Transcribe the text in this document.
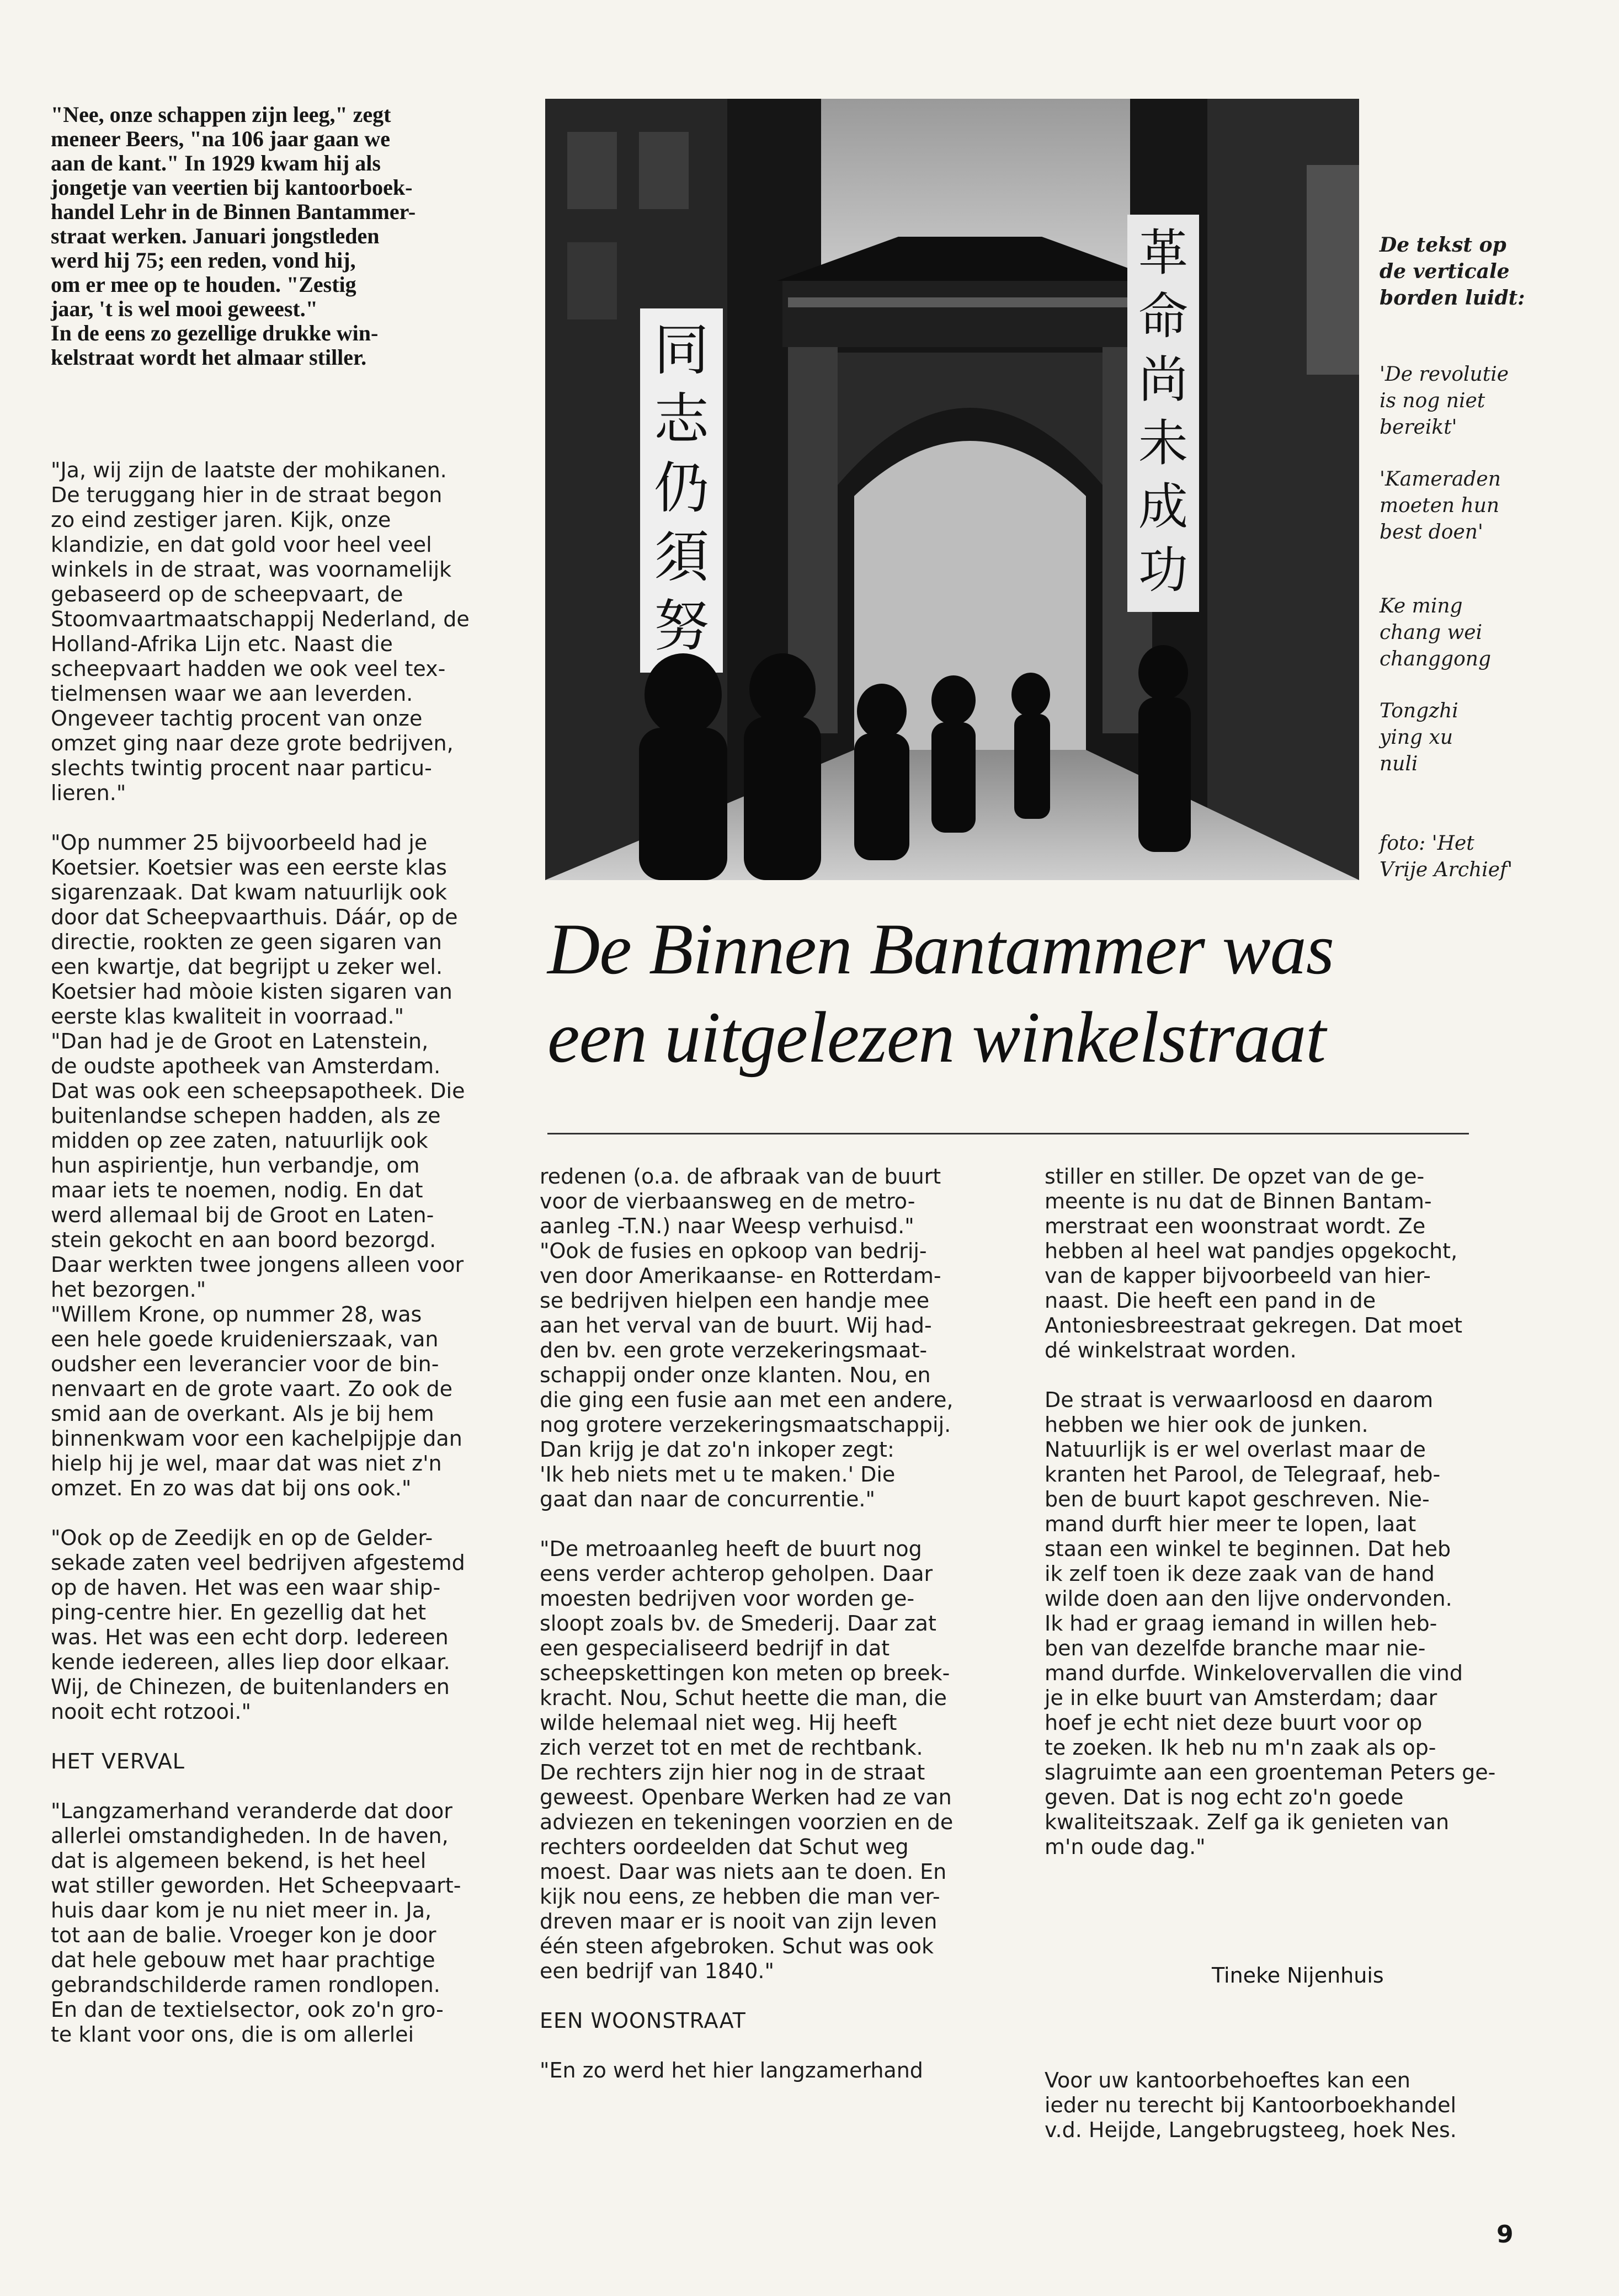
"Nee, onze schappen zijn leeg," zegt
meneer Beers, "na 106 jaar gaan we
aan de kant." In 1929 kwam hij als
jongetje van veertien bij kantoorboek-
handel Lehr in de Binnen Bantammer-
straat werken. Januari jongstleden
werd hij 75; een reden, vond hij,
om er mee op te houden. "Zestig
jaar, 't is wel mooi geweest."
In de eens zo gezellige drukke win-
kelstraat wordt het almaar stiller.	同
志
仍
須
努
革
命
尚
未
成
功
De tekst op
de verticale
borden luidt:
'De revolutie
is nog niet
bereikt'
'Kameraden
moeten hun
best doen'
Ke ming
chang wei
changgong
Tongzhi
ying xu
nuli
foto: 'Het
Vrije Archief'
De Binnen Bantammer was
een uitgelezen winkelstraat

"Ja, wij zijn de laatste der mohikanen.
De teruggang hier in de straat begon
zo eind zestiger jaren. Kijk, onze
klandizie, en dat gold voor heel veel
winkels in de straat, was voornamelijk
gebaseerd op de scheepvaart, de
Stoomvaartmaatschappij Nederland, de
Holland-Afrika Lijn etc. Naast die
scheepvaart hadden we ook veel tex-
tielmensen waar we aan leverden.
Ongeveer tachtig procent van onze
omzet ging naar deze grote bedrijven,
slechts twintig procent naar particu-
lieren."

"Op nummer 25 bijvoorbeeld had je
Koetsier. Koetsier was een eerste klas
sigarenzaak. Dat kwam natuurlijk ook
door dat Scheepvaarthuis. Dáár, op de
directie, rookten ze geen sigaren van
een kwartje, dat begrijpt u zeker wel.
Koetsier had mòoie kisten sigaren van
eerste klas kwaliteit in voorraad."

"Dan had je de Groot en Latenstein,
de oudste apotheek van Amsterdam.
Dat was ook een scheepsapotheek. Die
buitenlandse schepen hadden, als ze
midden op zee zaten, natuurlijk ook
hun aspirientje, hun verbandje, om
maar iets te noemen, nodig. En dat
werd allemaal bij de Groot en Laten-
stein gekocht en aan boord bezorgd.
Daar werkten twee jongens alleen voor
het bezorgen."

"Willem Krone, op nummer 28, was
een hele goede kruidenierszaak, van
oudsher een leverancier voor de bin-
nenvaart en de grote vaart. Zo ook de
smid aan de overkant. Als je bij hem
binnenkwam voor een kachelpijpje dan
hielp hij je wel, maar dat was niet z'n
omzet. En zo was dat bij ons ook."

"Ook op de Zeedijk en op de Gelder-
sekade zaten veel bedrijven afgestemd
op de haven. Het was een waar ship-
ping-centre hier. En gezellig dat het
was. Het was een echt dorp. Iedereen
kende iedereen, alles liep door elkaar.
Wij, de Chinezen, de buitenlanders en
nooit echt rotzooi."

HET VERVAL

"Langzamerhand veranderde dat door
allerlei omstandigheden. In de haven,
dat is algemeen bekend, is het heel
wat stiller geworden. Het Scheepvaart-
huis daar kom je nu niet meer in. Ja,
tot aan de balie. Vroeger kon je door
dat hele gebouw met haar prachtige
gebrandschilderde ramen rondlopen.
En dan de textielsector, ook zo'n gro-
te klant voor ons, die is om allerlei

redenen (o.a. de afbraak van de buurt
voor de vierbaansweg en de metro-
aanleg -T.N.) naar Weesp verhuisd."

"Ook de fusies en opkoop van bedrij-
ven door Amerikaanse- en Rotterdam-
se bedrijven hielpen een handje mee
aan het verval van de buurt. Wij had-
den bv. een grote verzekeringsmaat-
schappij onder onze klanten. Nou, en
die ging een fusie aan met een andere,
nog grotere verzekeringsmaatschappij.
Dan krijg je dat zo'n inkoper zegt:
'Ik heb niets met u te maken.' Die
gaat dan naar de concurrentie."

"De metroaanleg heeft de buurt nog
eens verder achterop geholpen. Daar
moesten bedrijven voor worden ge-
sloopt zoals bv. de Smederij. Daar zat
een gespecialiseerd bedrijf in dat
scheepskettingen kon meten op breek-
kracht. Nou, Schut heette die man, die
wilde helemaal niet weg. Hij heeft
zich verzet tot en met de rechtbank.
De rechters zijn hier nog in de straat
geweest. Openbare Werken had ze van
adviezen en tekeningen voorzien en de
rechters oordeelden dat Schut weg
moest. Daar was niets aan te doen. En
kijk nou eens, ze hebben die man ver-
dreven maar er is nooit van zijn leven
één steen afgebroken. Schut was ook
een bedrijf van 1840."

EEN WOONSTRAAT

"En zo werd het hier langzamerhand

stiller en stiller. De opzet van de ge-
meente is nu dat de Binnen Bantam-
merstraat een woonstraat wordt. Ze
hebben al heel wat pandjes opgekocht,
van de kapper bijvoorbeeld van hier-
naast. Die heeft een pand in de
Antoniesbreestraat gekregen. Dat moet
dé winkelstraat worden.

De straat is verwaarloosd en daarom
hebben we hier ook de junken.
Natuurlijk is er wel overlast maar de
kranten het Parool, de Telegraaf, heb-
ben de buurt kapot geschreven. Nie-
mand durft hier meer te lopen, laat
staan een winkel te beginnen. Dat heb
ik zelf toen ik deze zaak van de hand
wilde doen aan den lijve ondervonden.
Ik had er graag iemand in willen heb-
ben van dezelfde branche maar nie-
mand durfde. Winkelovervallen die vind
je in elke buurt van Amsterdam; daar
hoef je echt niet deze buurt voor op
te zoeken. Ik heb nu m'n zaak als op-
slagruimte aan een groenteman Peters ge-
geven. Dat is nog echt zo'n goede
kwaliteitszaak. Zelf ga ik genieten van
m'n oude dag."

Tineke Nijenhuis

Voor uw kantoorbehoeftes kan een
ieder nu terecht bij Kantoorboekhandel
v.d. Heijde, Langebrugsteeg, hoek Nes.

9
